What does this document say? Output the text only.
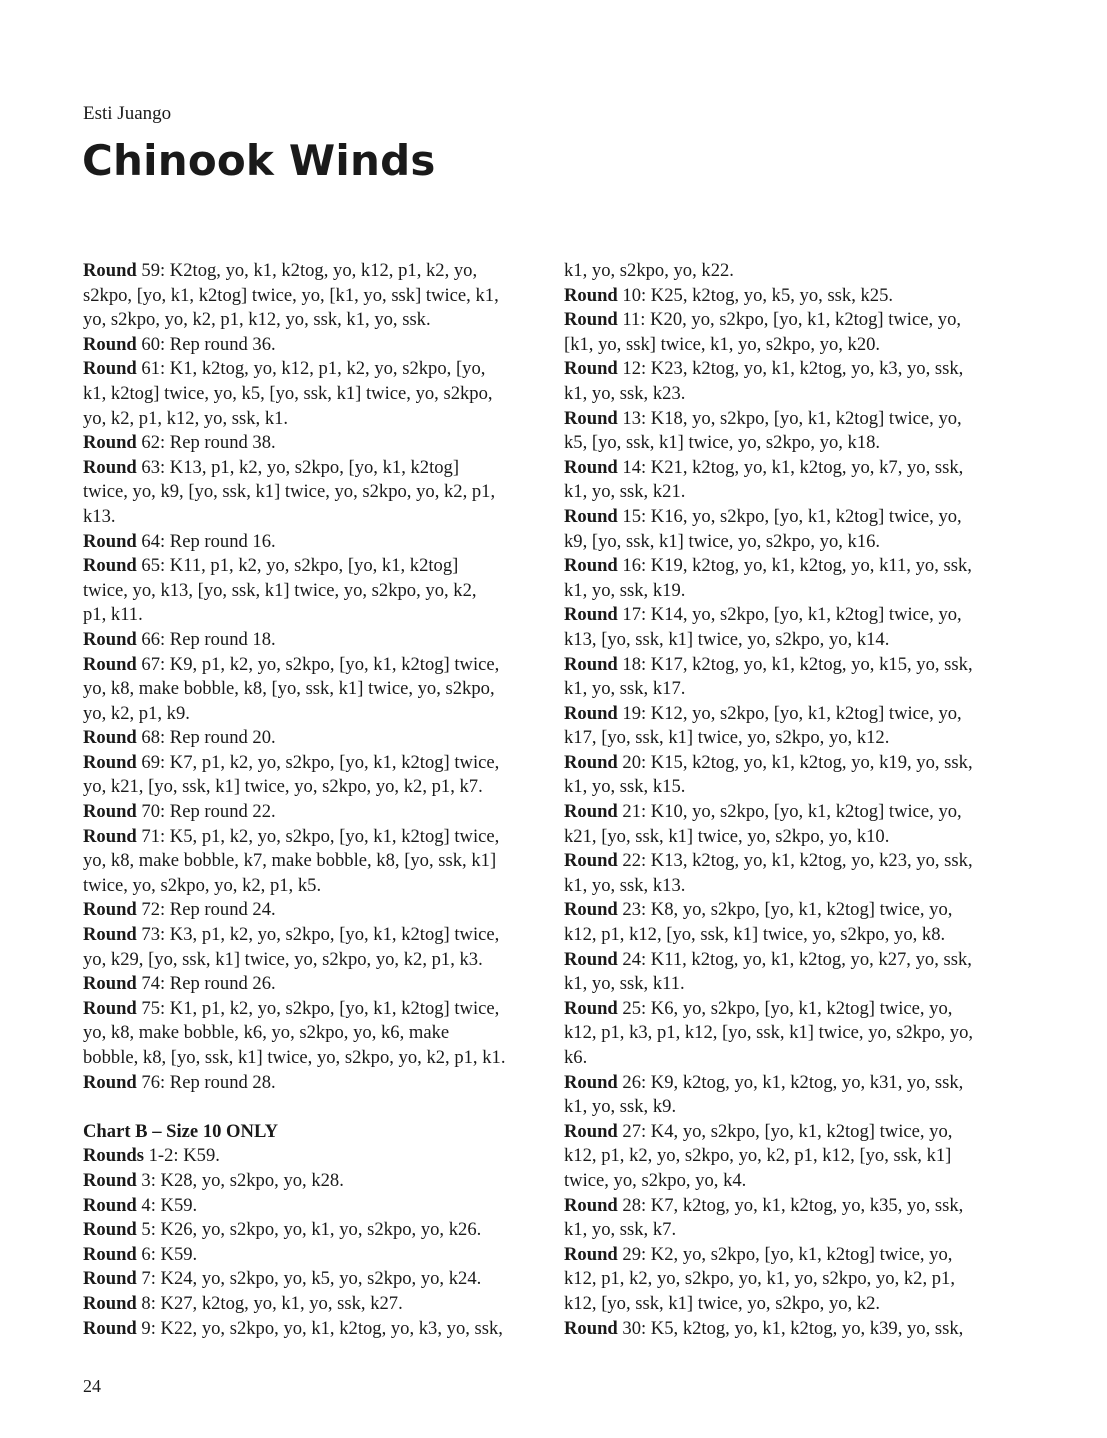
Esti Juango
Chinook Winds
Round 59: K2tog, yo, k1, k2tog, yo, k12, p1, k2, yo,
s2kpo, [yo, k1, k2tog] twice, yo, [k1, yo, ssk] twice, k1,
yo, s2kpo, yo, k2, p1, k12, yo, ssk, k1, yo, ssk.
Round 60: Rep round 36.
Round 61: K1, k2tog, yo, k12, p1, k2, yo, s2kpo, [yo,
k1, k2tog] twice, yo, k5, [yo, ssk, k1] twice, yo, s2kpo,
yo, k2, p1, k12, yo, ssk, k1.
Round 62: Rep round 38.
Round 63: K13, p1, k2, yo, s2kpo, [yo, k1, k2tog]
twice, yo, k9, [yo, ssk, k1] twice, yo, s2kpo, yo, k2, p1,
k13.
Round 64: Rep round 16.
Round 65: K11, p1, k2, yo, s2kpo, [yo, k1, k2tog]
twice, yo, k13, [yo, ssk, k1] twice, yo, s2kpo, yo, k2,
p1, k11.
Round 66: Rep round 18.
Round 67: K9, p1, k2, yo, s2kpo, [yo, k1, k2tog] twice,
yo, k8, make bobble, k8, [yo, ssk, k1] twice, yo, s2kpo,
yo, k2, p1, k9.
Round 68: Rep round 20.
Round 69: K7, p1, k2, yo, s2kpo, [yo, k1, k2tog] twice,
yo, k21, [yo, ssk, k1] twice, yo, s2kpo, yo, k2, p1, k7.
Round 70: Rep round 22.
Round 71: K5, p1, k2, yo, s2kpo, [yo, k1, k2tog] twice,
yo, k8, make bobble, k7, make bobble, k8, [yo, ssk, k1]
twice, yo, s2kpo, yo, k2, p1, k5.
Round 72: Rep round 24.
Round 73: K3, p1, k2, yo, s2kpo, [yo, k1, k2tog] twice,
yo, k29, [yo, ssk, k1] twice, yo, s2kpo, yo, k2, p1, k3.
Round 74: Rep round 26.
Round 75: K1, p1, k2, yo, s2kpo, [yo, k1, k2tog] twice,
yo, k8, make bobble, k6, yo, s2kpo, yo, k6, make
bobble, k8, [yo, ssk, k1] twice, yo, s2kpo, yo, k2, p1, k1.
Round 76: Rep round 28.
Chart B – Size 10 ONLY
Rounds 1-2: K59.
Round 3: K28, yo, s2kpo, yo, k28.
Round 4: K59.
Round 5: K26, yo, s2kpo, yo, k1, yo, s2kpo, yo, k26.
Round 6: K59.
Round 7: K24, yo, s2kpo, yo, k5, yo, s2kpo, yo, k24.
Round 8: K27, k2tog, yo, k1, yo, ssk, k27.
Round 9: K22, yo, s2kpo, yo, k1, k2tog, yo, k3, yo, ssk,
k1, yo, s2kpo, yo, k22.
Round 10: K25, k2tog, yo, k5, yo, ssk, k25.
Round 11: K20, yo, s2kpo, [yo, k1, k2tog] twice, yo,
[k1, yo, ssk] twice, k1, yo, s2kpo, yo, k20.
Round 12: K23, k2tog, yo, k1, k2tog, yo, k3, yo, ssk,
k1, yo, ssk, k23.
Round 13: K18, yo, s2kpo, [yo, k1, k2tog] twice, yo,
k5, [yo, ssk, k1] twice, yo, s2kpo, yo, k18.
Round 14: K21, k2tog, yo, k1, k2tog, yo, k7, yo, ssk,
k1, yo, ssk, k21.
Round 15: K16, yo, s2kpo, [yo, k1, k2tog] twice, yo,
k9, [yo, ssk, k1] twice, yo, s2kpo, yo, k16.
Round 16: K19, k2tog, yo, k1, k2tog, yo, k11, yo, ssk,
k1, yo, ssk, k19.
Round 17: K14, yo, s2kpo, [yo, k1, k2tog] twice, yo,
k13, [yo, ssk, k1] twice, yo, s2kpo, yo, k14.
Round 18: K17, k2tog, yo, k1, k2tog, yo, k15, yo, ssk,
k1, yo, ssk, k17.
Round 19: K12, yo, s2kpo, [yo, k1, k2tog] twice, yo,
k17, [yo, ssk, k1] twice, yo, s2kpo, yo, k12.
Round 20: K15, k2tog, yo, k1, k2tog, yo, k19, yo, ssk,
k1, yo, ssk, k15.
Round 21: K10, yo, s2kpo, [yo, k1, k2tog] twice, yo,
k21, [yo, ssk, k1] twice, yo, s2kpo, yo, k10.
Round 22: K13, k2tog, yo, k1, k2tog, yo, k23, yo, ssk,
k1, yo, ssk, k13.
Round 23: K8, yo, s2kpo, [yo, k1, k2tog] twice, yo,
k12, p1, k12, [yo, ssk, k1] twice, yo, s2kpo, yo, k8.
Round 24: K11, k2tog, yo, k1, k2tog, yo, k27, yo, ssk,
k1, yo, ssk, k11.
Round 25: K6, yo, s2kpo, [yo, k1, k2tog] twice, yo,
k12, p1, k3, p1, k12, [yo, ssk, k1] twice, yo, s2kpo, yo,
k6.
Round 26: K9, k2tog, yo, k1, k2tog, yo, k31, yo, ssk,
k1, yo, ssk, k9.
Round 27: K4, yo, s2kpo, [yo, k1, k2tog] twice, yo,
k12, p1, k2, yo, s2kpo, yo, k2, p1, k12, [yo, ssk, k1]
twice, yo, s2kpo, yo, k4.
Round 28: K7, k2tog, yo, k1, k2tog, yo, k35, yo, ssk,
k1, yo, ssk, k7.
Round 29: K2, yo, s2kpo, [yo, k1, k2tog] twice, yo,
k12, p1, k2, yo, s2kpo, yo, k1, yo, s2kpo, yo, k2, p1,
k12, [yo, ssk, k1] twice, yo, s2kpo, yo, k2.
Round 30: K5, k2tog, yo, k1, k2tog, yo, k39, yo, ssk,
24
